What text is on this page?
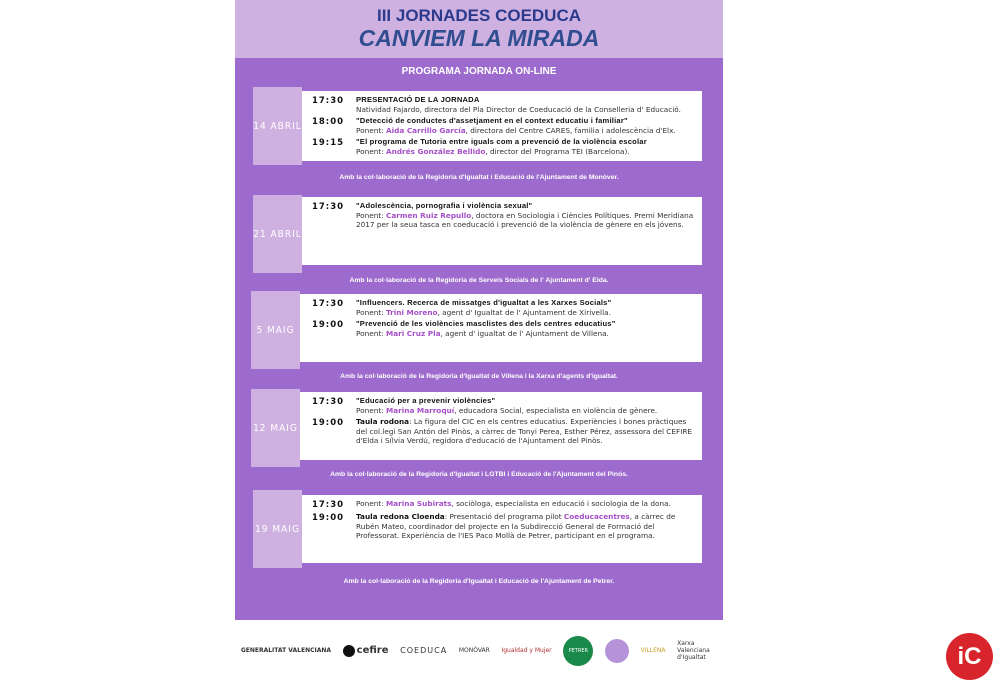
III JORNADES COEDUCA
CANVIEM LA MIRADA
PROGRAMA JORNADA ON-LINE
14 ABRIL
17:30	PRESENTACIÓ DE LA JORNADA
Natividad Fajardo, directora del Pla Director de Coeducació de la Conselleria d' Educació.
18:00	"Detecció de conductes d'assetjament en el context educatiu i familiar"
Ponent: Aida Carrillo García, directora del Centre CARES, familia i adolescència d'Elx.
19:15	"El programa de Tutoria entre iguals com a prevenció de la violència escolar
Ponent: Andrés González Bellido, director del Programa TEI (Barcelona).
Amb la col·laboració de la Regidoria d'Igualtat i Educació de l'Ajuntament de Monòver.
21 ABRIL
17:30	"Adolescència, pornografia i violència sexual"
Ponent: Carmen Ruiz Repullo, doctora en Sociologia i Ciències Polítiques. Premi Meridiana 2017 per la seua tasca en coeducació i prevenció de la violència de gènere en els jóvens.
Amb la col·laboració de la Regidoria de Serveis Socials de l' Ajuntament d' Elda.
5 MAIG
17:30	"Influencers. Recerca de missatges d'igualtat a les Xarxes Socials"
Ponent: Trini Moreno, agent d' Igualtat de l' Ajuntament de Xirivella.
19:00	"Prevenció de les violències masclistes des dels centres educatius"
Ponent: Mari Cruz Pla, agent d' igualtat de l' Ajuntament de Villena.
Amb la col·laboració de la Regidoria d'Igualtat de Villena i la Xarxa d'agents d'igualtat.
12 MAIG
17:30	"Educació per a prevenir violències"
Ponent: Marina Marroquí, educadora Social, especialista en violència de gènere.
19:00	Taula rodona: La figura del CIC en els centres educatius. Experiències i bones pràctiques del col.legi San Antón del Pinòs, a càrrec de Tonyi Perea, Esther Pérez, assessora del CEFIRE d'Elda i Sílvia Verdú, regidora d'educació de l'Ajuntament del Pinòs.
Amb la col·laboració de la Regidoria d'Igualtat i LGTBI i Educació de l'Ajuntament del Pinós.
19 MAIG
17:30	Ponent: Marina Subirats, sociòloga, especialista en educació i sociologia de la dona.
19:00	Taula redona Cloenda: Presentació del programa pilot Coeducacentres, a càrrec de Rubén Mateo, coordinador del projecte en la Subdirecció General de Formació del Professorat. Experiència de l'IES Paco Mollà de Petrer, participant en el programa.
Amb la col·laboració de la Regidoria d'Igualtat i Educació de l'Ajuntament de Petrer.
GENERALITAT VALENCIANA	cefire COEDUCA MONÒVAR Igualdad y Mujer	PETRER	VILLENA
Xarxa Valenciana d'Igualtat	iC
